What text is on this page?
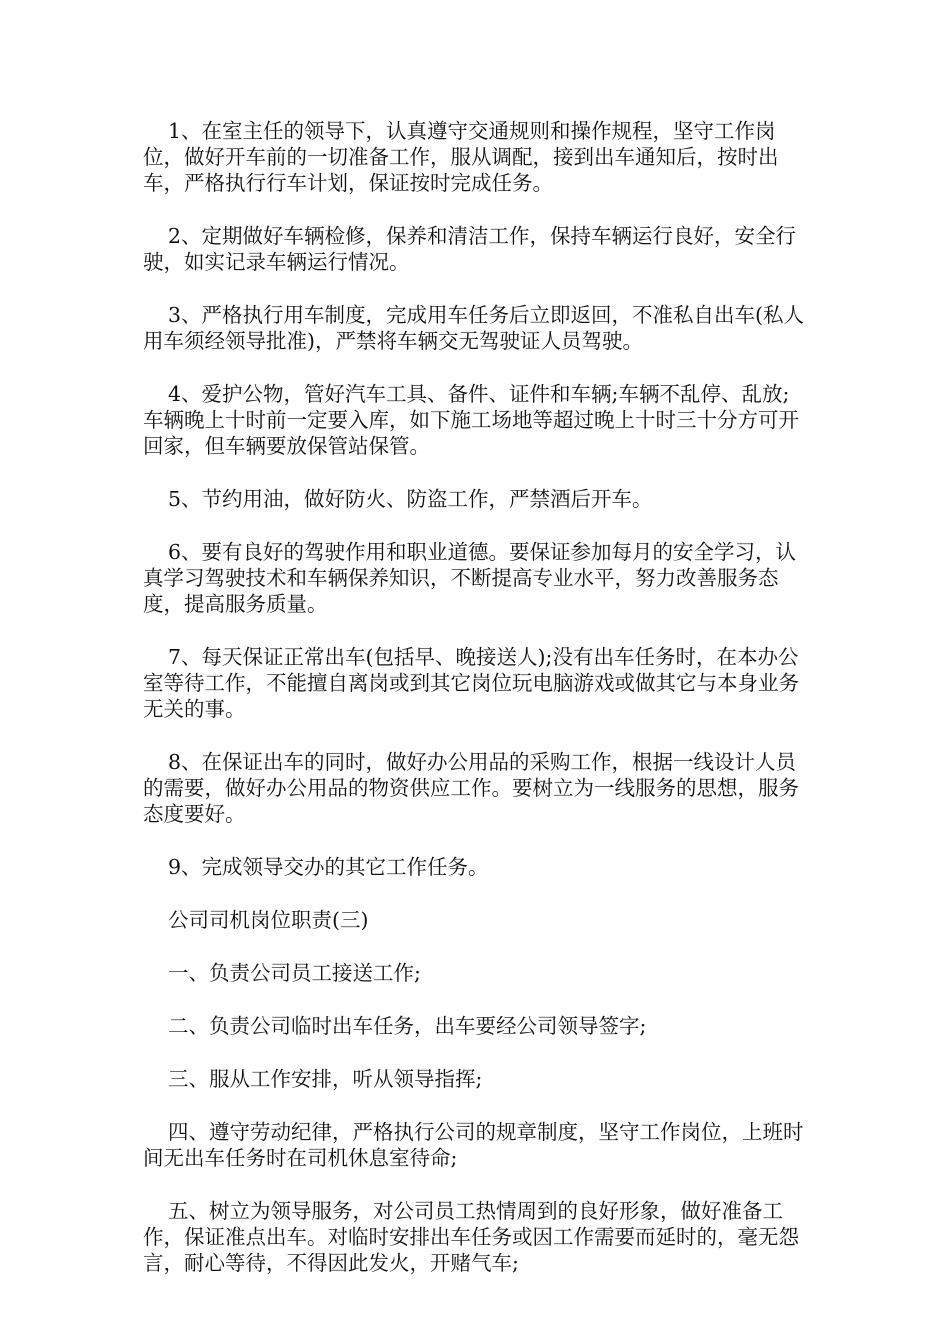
1、在室主任的领导下，认真遵守交通规则和操作规程，坚守工作岗位，做好开车前的一切准备工作，服从调配，接到出车通知后，按时出车，严格执行行车计划，保证按时完成任务。

2、定期做好车辆检修，保养和清洁工作，保持车辆运行良好，安全行驶，如实记录车辆运行情况。

3、严格执行用车制度，完成用车任务后立即返回，不准私自出车(私人用车须经领导批准)，严禁将车辆交无驾驶证人员驾驶。

4、爱护公物，管好汽车工具、备件、证件和车辆;车辆不乱停、乱放;车辆晚上十时前一定要入库，如下施工场地等超过晚上十时三十分方可开回家，但车辆要放保管站保管。

5、节约用油，做好防火、防盗工作，严禁酒后开车。

6、要有良好的驾驶作用和职业道德。要保证参加每月的安全学习，认真学习驾驶技术和车辆保养知识，不断提高专业水平，努力改善服务态度，提高服务质量。

7、每天保证正常出车(包括早、晚接送人);没有出车任务时，在本办公室等待工作，不能擅自离岗或到其它岗位玩电脑游戏或做其它与本身业务无关的事。

8、在保证出车的同时，做好办公用品的采购工作，根据一线设计人员的需要，做好办公用品的物资供应工作。要树立为一线服务的思想，服务态度要好。

9、完成领导交办的其它工作任务。

公司司机岗位职责(三)

一、负责公司员工接送工作;

二、负责公司临时出车任务，出车要经公司领导签字;

三、服从工作安排，听从领导指挥;

四、遵守劳动纪律，严格执行公司的规章制度，坚守工作岗位，上班时间无出车任务时在司机休息室待命;

五、树立为领导服务，对公司员工热情周到的良好形象，做好准备工作，保证准点出车。对临时安排出车任务或因工作需要而延时的，毫无怨言，耐心等待，不得因此发火，开赌气车;
